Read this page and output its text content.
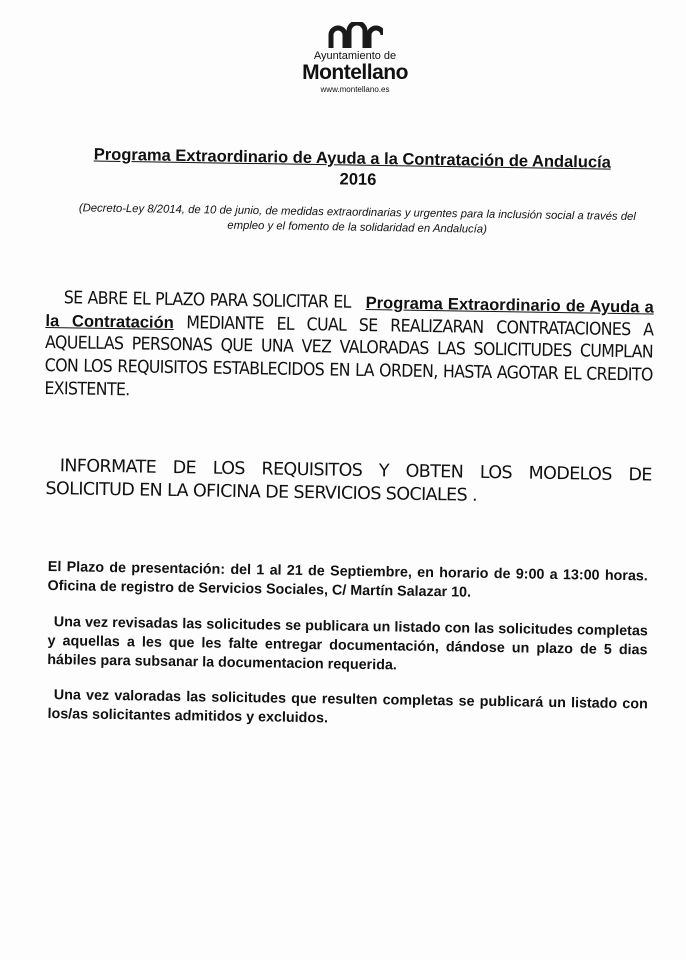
Ayuntamiento de
Montellano
www.montellano.es
Programa Extraordinario de Ayuda a la Contratación de Andalucía
2016
(Decreto-Ley 8/2014, de 10 de junio, de medidas extraordinarias y urgentes para la inclusión social a través del empleo y el fomento de la solidaridad en Andalucía)
SE ABRE EL PLAZO PARA SOLICITAR EL Programa Extraordinario de Ayuda a la Contratación MEDIANTE EL CUAL SE REALIZARAN CONTRATACIONES A AQUELLAS PERSONAS QUE UNA VEZ VALORADAS LAS SOLICITUDES CUMPLAN CON LOS REQUISITOS ESTABLECIDOS EN LA ORDEN, HASTA AGOTAR EL CREDITO EXISTENTE.
INFORMATE DE LOS REQUISITOS Y OBTEN LOS MODELOS DE SOLICITUD EN LA OFICINA DE SERVICIOS SOCIALES .
El Plazo de presentación: del 1 al 21 de Septiembre, en horario de 9:00 a 13:00 horas. Oficina de registro de Servicios Sociales, C/ Martín Salazar 10.
Una vez revisadas las solicitudes se publicara un listado con las solicitudes completas y aquellas a les que les falte entregar documentación, dándose un plazo de 5 dias hábiles para subsanar la documentacion requerida.
Una vez valoradas las solicitudes que resulten completas se publicará un listado con los/as solicitantes admitidos y excluidos.
